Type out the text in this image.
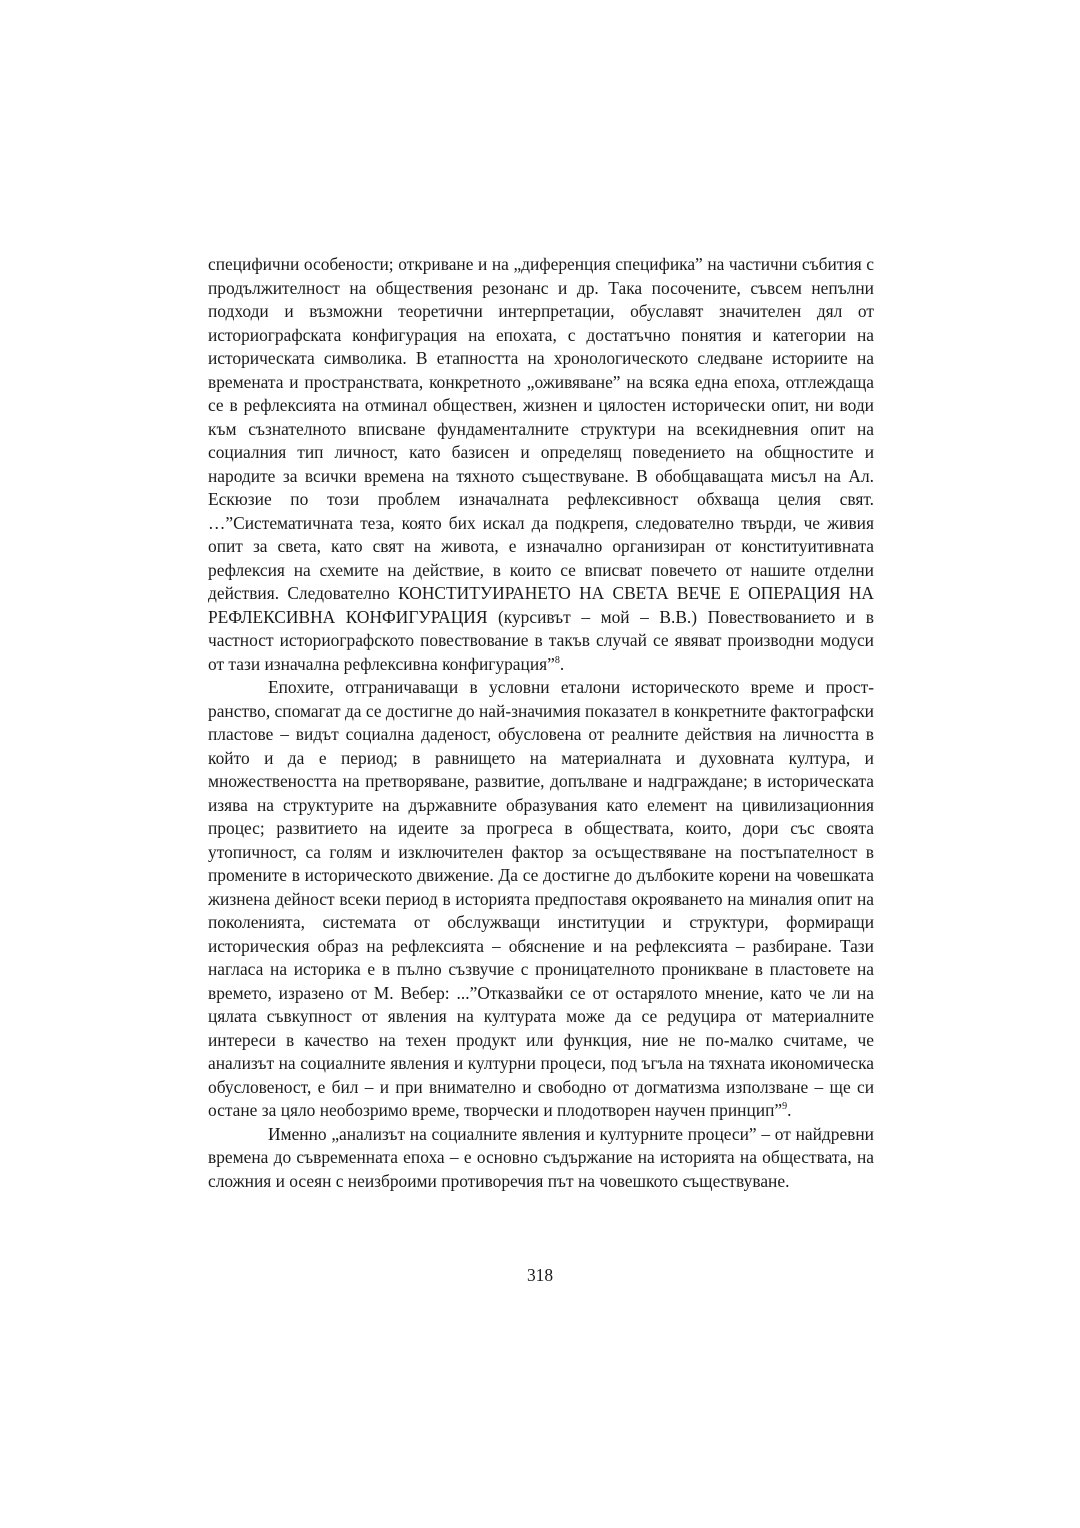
специфични особености; откриване и на „диференция специфика” на частични събития с продължителност на обществения резонанс и др. Така посочените, съвсем непълни подходи и възможни теоретични интерпретации, обуславят значителен дял от историографската конфигурация на епохата, с достатъчно понятия и категории на историческата символика. В етапността на хронологическото следване историите на времената и пространствата, конкретното „оживяване” на всяка една епоха, отглеждаща се в рефлексията на отминал обществен, жизнен и цялостен исторически опит, ни води към съзнателното вписване фундаменталните структури на всекидневния опит на социалния тип личност, като базисен и определящ поведението на общностите и народите за всички времена на тяхното съществуване. В обобщаващата мисъл на Ал. Ескюзие по този проблем изначалната рефлексивност обхваща целия свят. …”Систематичната теза, която бих искал да подкрепя, следователно твърди, че живия опит за света, като свят на живота, е изначално организиран от конституитивната рефлексия на схемите на действие, в които се вписват повечето от нашите отделни действия. Следователно КОНСТИТУИРАНЕТО НА СВЕТА ВЕЧЕ Е ОПЕРАЦИЯ НА РЕФЛЕКСИВНА КОНФИГУРАЦИЯ (курсивът – мой – В.В.) Повествованието и в частност историографското повествование в такъв случай се явяват производни модуси от тази изначална рефлексивна конфигурация”$^8$.

Епохите, отграничаващи в условни еталони историческото време и пространство, спомагат да се достигне до най-значимия показател в конкретните фактографски пластове – видът социална даденост, обусловена от реалните действия на личността в който и да е период; в равнището на материалната и духовната култура, и множествеността на претворяване, развитие, допълване и надграждане; в историческата изява на структурите на държавните образувания като елемент на цивилизационния процес; развитието на идеите за прогреса в обществата, които, дори със своята утопичност, са голям и изключителен фактор за осъществяване на постъпателност в промените в историческото движение. Да се достигне до дълбоките корени на човешката жизнена дейност всеки период в историята предпоставя окрояването на миналия опит на поколенията, системата от обслужващи институции и структури, формиращи историческия образ на рефлексията – обяснение и на рефлексията – разбиране. Тази нагласа на историка е в пълно съзвучие с проницателното проникване в пластовете на времето, изразено от М. Вебер: ...”Отказвайки се от остарялото мнение, като че ли на цялата съвкупност от явления на културата може да се редуцира от материалните интереси в качество на техен продукт или функция, ние не по-малко считаме, че анализът на социалните явления и културни процеси, под ъгъла на тяхната икономическа обусловеност, е бил – и при внимателно и свободно от догматизма използване – ще си остане за цяло необозримо време, творчески и плодотворен научен принцип”$^9$.

Именно „анализът на социалните явления и културните процеси” – от найдревни времена до съвременната епоха – е основно съдържание на историята на обществата, на сложния и осеян с неизброими противоречия път на човешкото съществуване.

318
